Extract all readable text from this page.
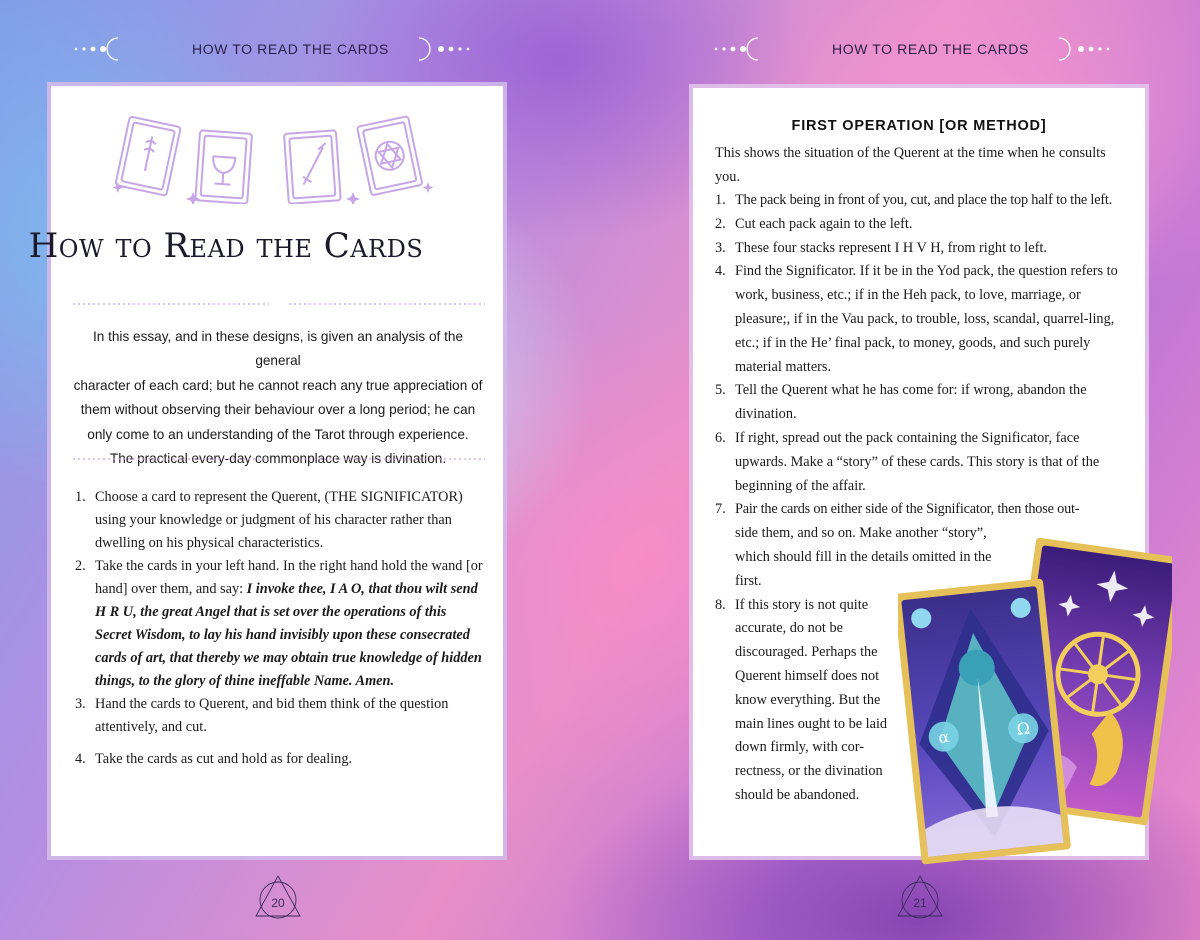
HOW TO READ THE CARDS	HOW TO READ THE CARDS
How to Read the Cards
In this essay, and in these designs, is given an analysis of the general
character of each card; but he cannot reach any true appreciation of
them without observing their behaviour over a long period; he can
only come to an understanding of the Tarot through experience.
The practical every-day commonplace way is divination.
1. Choose a card to represent the Querent, (THE SIGNIFICATOR) using your knowledge or judgment of his character rather than dwelling on his physical characteristics.
2. Take the cards in your left hand. In the right hand hold the wand [or hand] over them, and say: I invoke thee, I A O, that thou wilt send H R U, the great Angel that is set over the operations of this Secret Wisdom, to lay his hand invisibly upon these consecrated cards of art, that thereby we may obtain true knowledge of hidden things, to the glory of thine ineffable Name. Amen.
3. Hand the cards to Querent, and bid them think of the question attentively, and cut.
4. Take the cards as cut and hold as for dealing.
20
FIRST OPERATION [OR METHOD]
This shows the situation of the Querent at the time when he consults you.
1. The pack being in front of you, cut, and place the top half to the left.
2. Cut each pack again to the left.
3. These four stacks represent I H V H, from right to left.
4. Find the Significator. If it be in the Yod pack, the question refers to work, business, etc.; if in the Heh pack, to love, marriage, or pleasure;, if in the Vau pack, to trouble, loss, scandal, quarrel-ling, etc.; if in the He’ final pack, to money, goods, and such purely material matters.
5. Tell the Querent what he has come for: if wrong, abandon the divination.
6. If right, spread out the pack containing the Significator, face upwards. Make a “story” of these cards. This story is that of the beginning of the affair.
7. Pair the cards on either side of the Significator, then those out-
side them, and so on. Make another “story”,
which should fill in the details omitted in the first.
8. If this story is not quite accurate, do not be discouraged. Perhaps the Querent himself does not know everything. But the main lines ought to be laid down firmly, with cor-rectness, or the divination should be abandoned.
α	Ω
21
